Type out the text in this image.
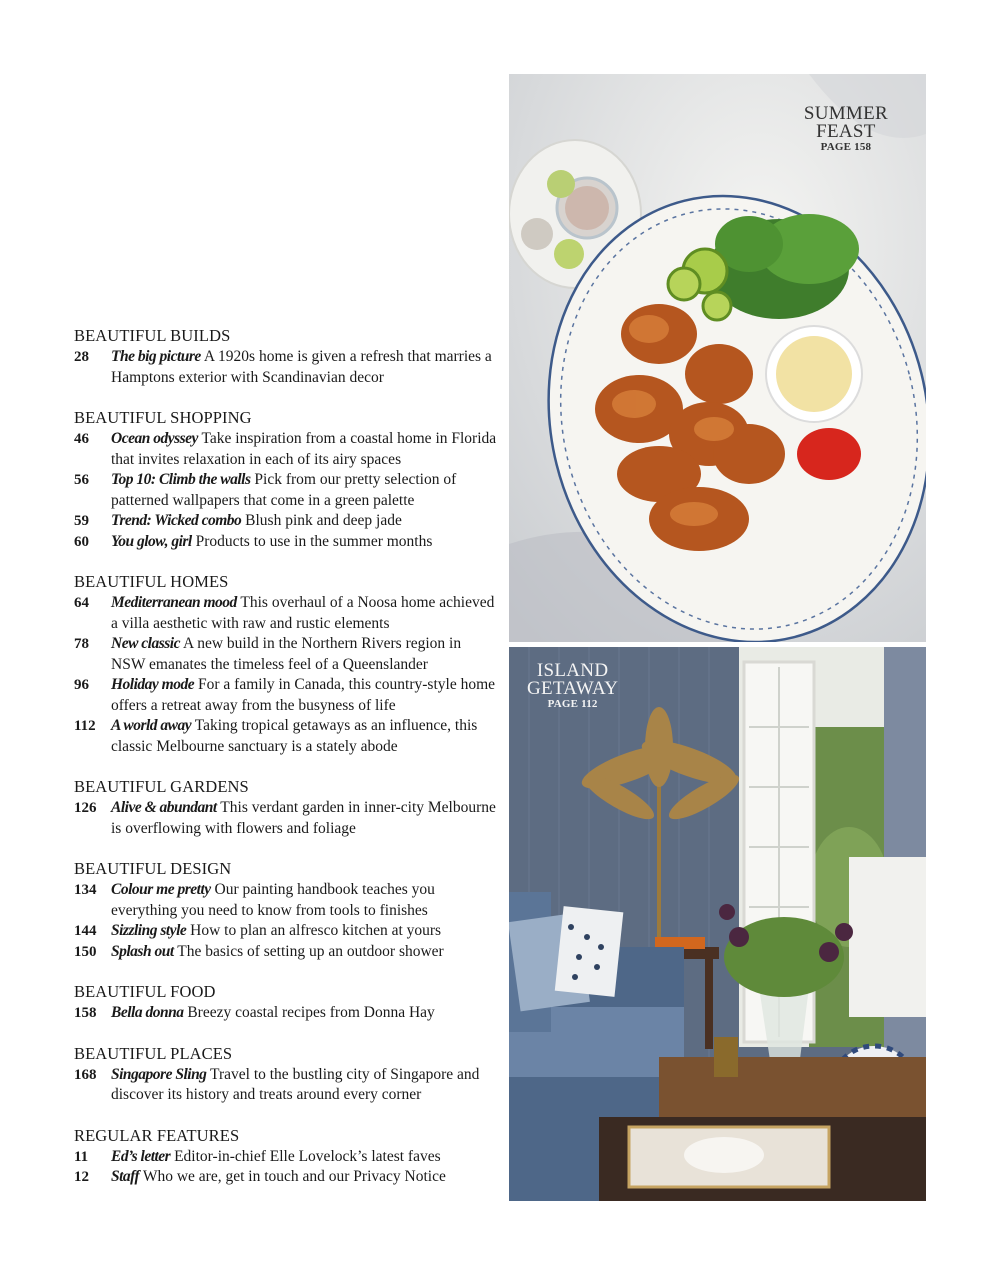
BEAUTIFUL BUILDS
28 The big picture A 1920s home is given a refresh that marries a Hamptons exterior with Scandinavian decor
BEAUTIFUL SHOPPING
46 Ocean odyssey Take inspiration from a coastal home in Florida that invites relaxation in each of its airy spaces
56 Top 10: Climb the walls Pick from our pretty selection of patterned wallpapers that come in a green palette
59 Trend: Wicked combo Blush pink and deep jade
60 You glow, girl Products to use in the summer months
BEAUTIFUL HOMES
64 Mediterranean mood This overhaul of a Noosa home achieved a villa aesthetic with raw and rustic elements
78 New classic A new build in the Northern Rivers region in NSW emanates the timeless feel of a Queenslander
96 Holiday mode For a family in Canada, this country-style home offers a retreat away from the busyness of life
112 A world away Taking tropical getaways as an influence, this classic Melbourne sanctuary is a stately abode
BEAUTIFUL GARDENS
126 Alive & abundant This verdant garden in inner-city Melbourne is overflowing with flowers and foliage
BEAUTIFUL DESIGN
134 Colour me pretty Our painting handbook teaches you everything you need to know from tools to finishes
144 Sizzling style How to plan an alfresco kitchen at yours
150 Splash out The basics of setting up an outdoor shower
BEAUTIFUL FOOD
158 Bella donna Breezy coastal recipes from Donna Hay
BEAUTIFUL PLACES
168 Singapore Sling Travel to the bustling city of Singapore and discover its history and treats around every corner
REGULAR FEATURES
11 Ed’s letter Editor-in-chief Elle Lovelock’s latest faves
12 Staff Who we are, get in touch and our Privacy Notice
SUMMER
FEAST
PAGE 158
ISLAND
GETAWAY
PAGE 112
